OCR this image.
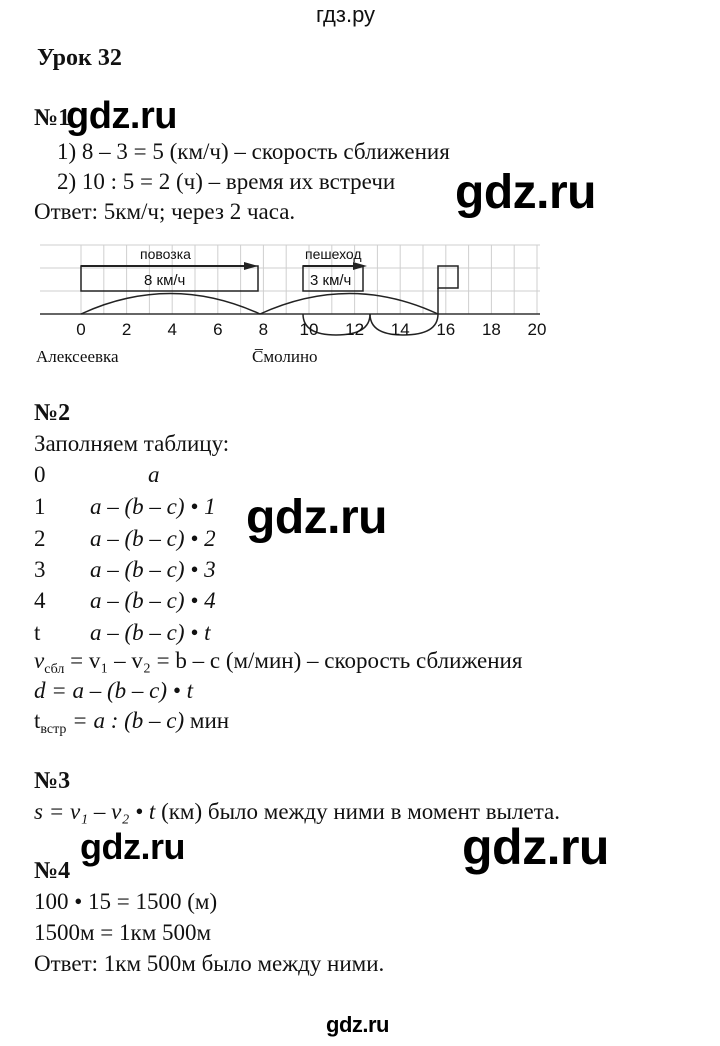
гдз.ру
Урок 32
№1
gdz.ru
1) 8 – 3 = 5 (км/ч) – скорость сближения
2) 10 : 5 = 2 (ч) – время их встречи gdz.ru
Ответ: 5км/ч; через 2 часа.
повозка	пешеход
8 км/ч	3 км/ч
0 2 4 6 8 10 12 14 16 18 20
_
Алексеевка	Смолино
№2
Заполняем таблицу:
0	a
1 a – (b – c) • 1
2 a – (b – c) • 2
3 a – (b – c) • 3
4 a – (b – c) • 4
t a – (b – c) • t
gdz.ru
$v_{сбл} = v_1 - v_2 = b - c$ (м/мин) – скорость сближения
d = a – (b – c) • t
$t_{встр} = a$ : (b – c) мин
№3
s = v₁ – v₂ • t (км) было между ними в момент вылета.
gdz.ru	gdz.ru
№4
100 • 15 = 1500 (м)
1500м = 1км 500м
Ответ: 1км 500м было между ними.
gdz.ru
